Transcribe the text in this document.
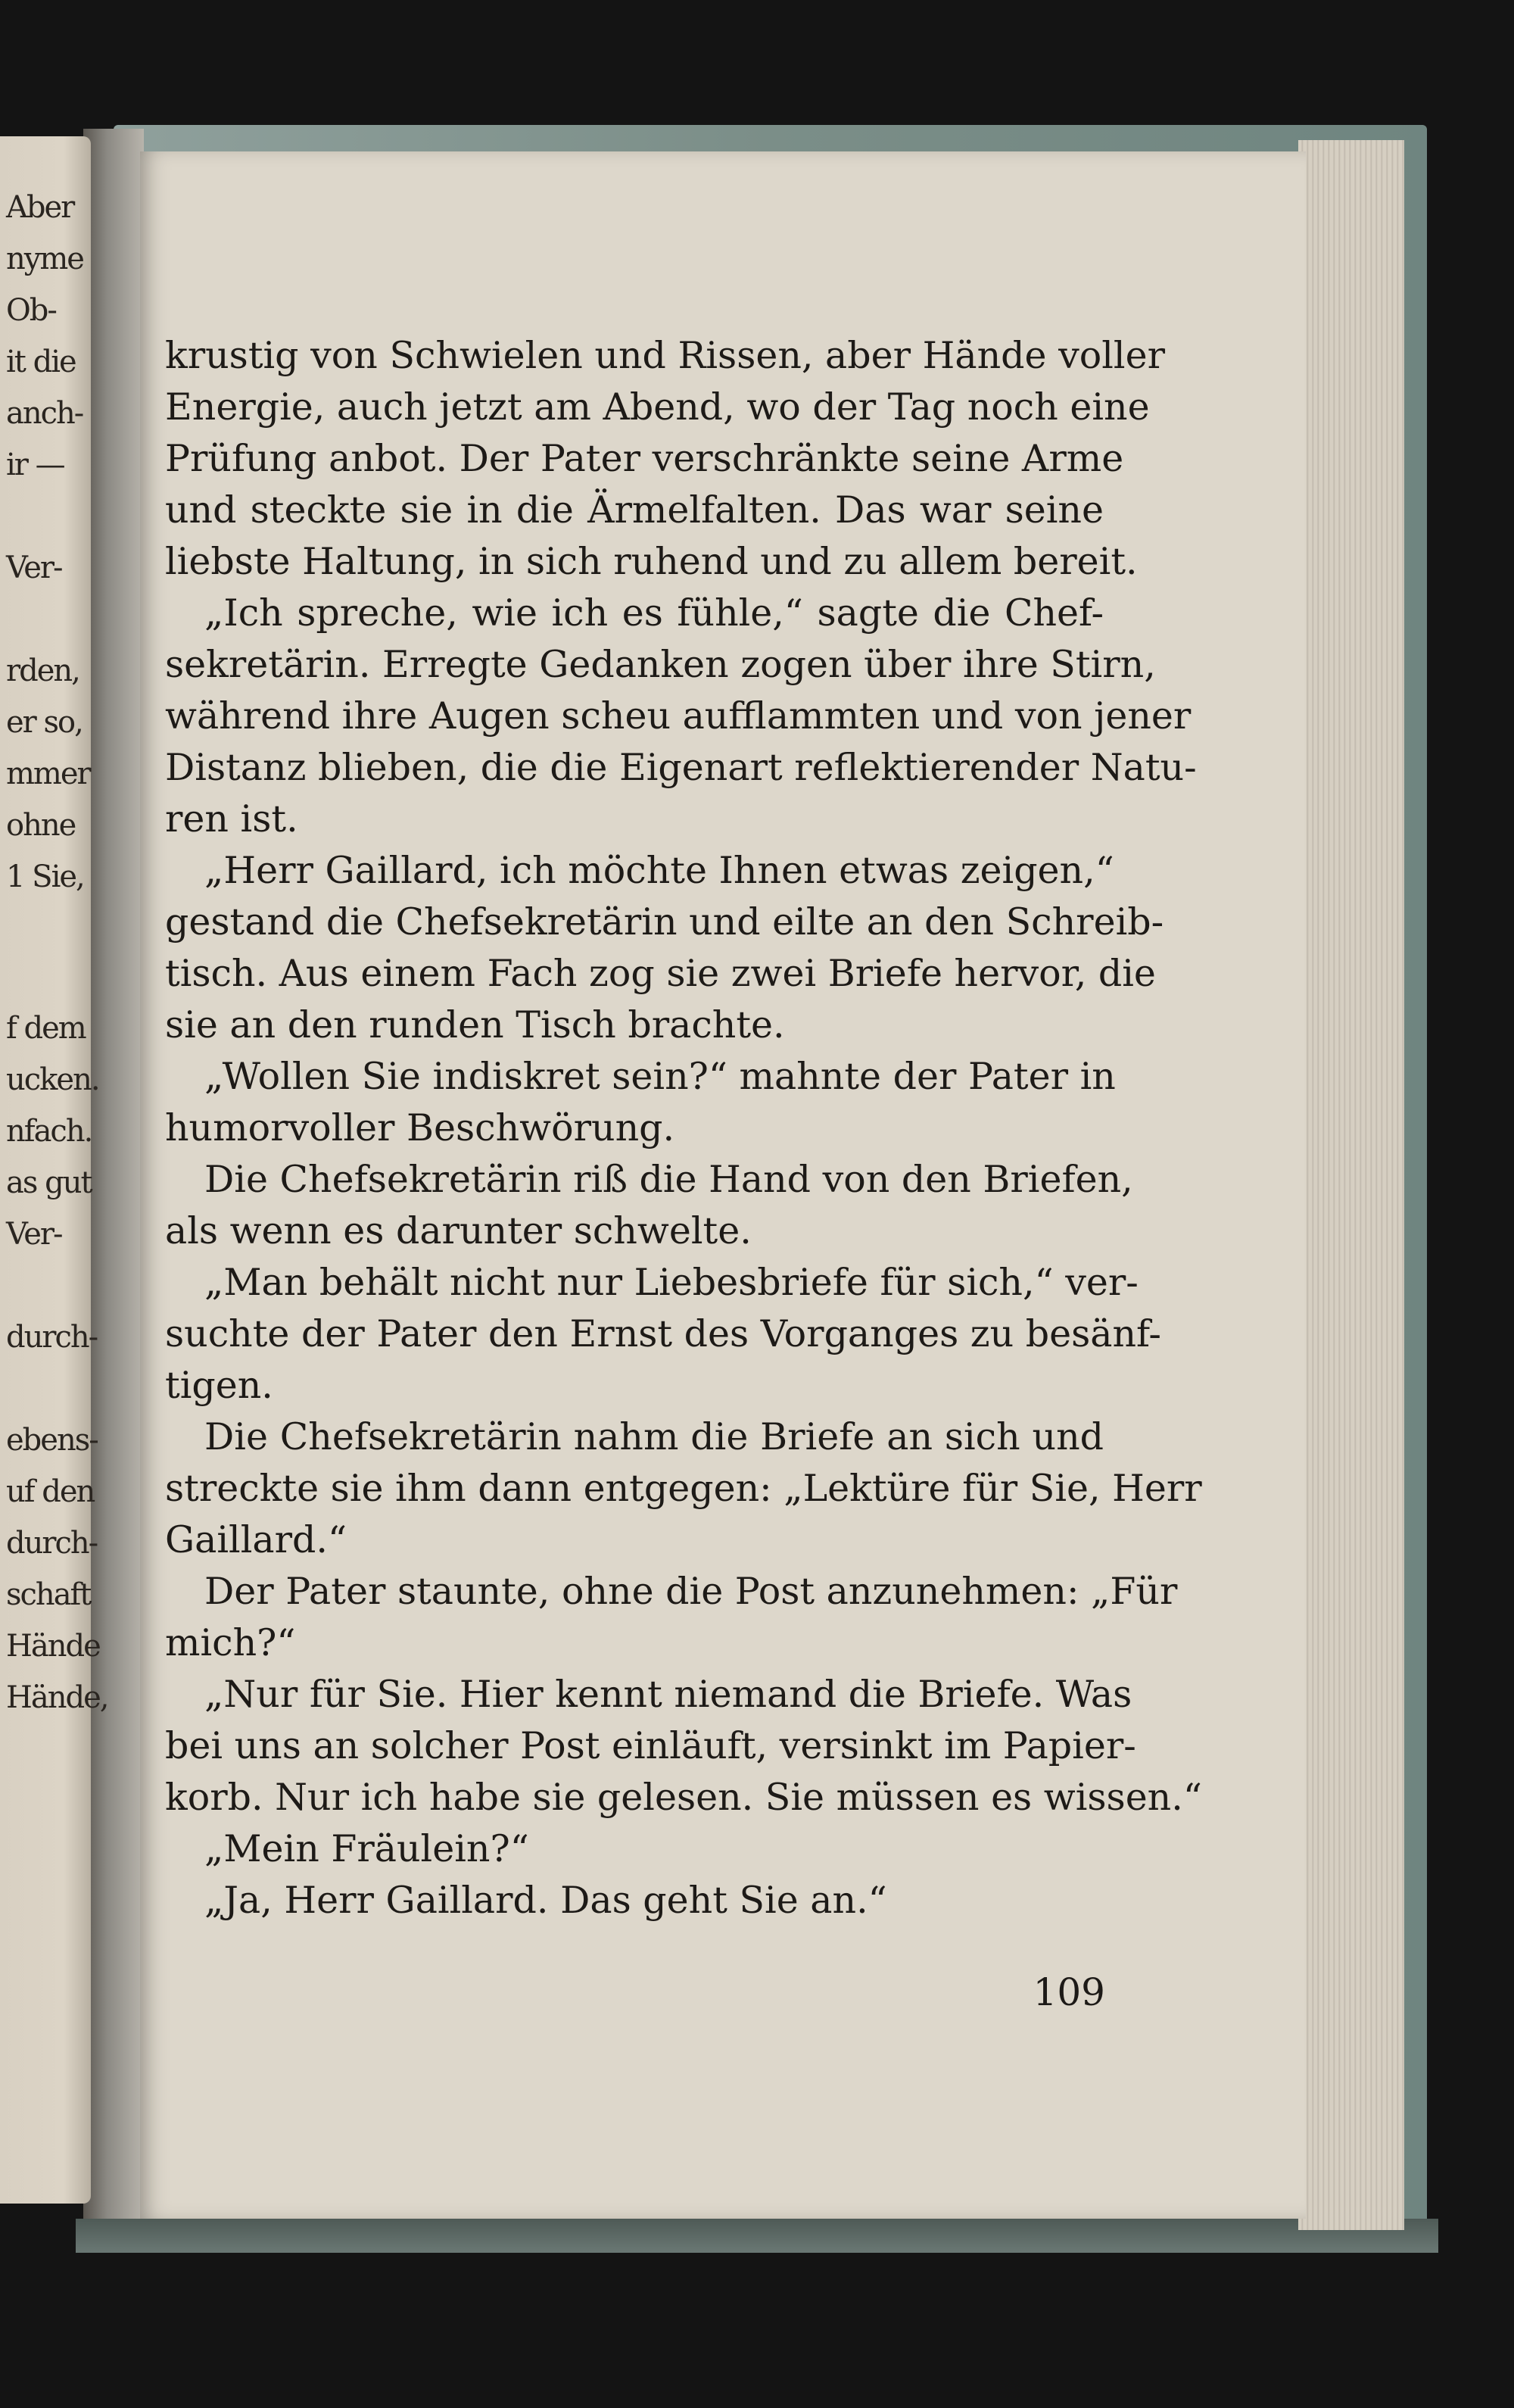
Aber
nyme
Ob-
it die
anch-
ir —
Ver-
rden,
er so,
mmer
ohne
1 Sie,
f dem
ucken.
nfach.
as gut
Ver-
durch-
ebens-
uf den
durch-
schaft
Hände
Hände,
krustig von Schwielen und Rissen, aber Hände voller
Energie, auch jetzt am Abend, wo der Tag noch eine
Prüfung anbot. Der Pater verschränkte seine Arme
und steckte sie in die Ärmelfalten. Das war seine
liebste Haltung, in sich ruhend und zu allem bereit.
„Ich spreche, wie ich es fühle,“ sagte die Chef-
sekretärin. Erregte Gedanken zogen über ihre Stirn,
während ihre Augen scheu aufflammten und von jener
Distanz blieben, die die Eigenart reflektierender Natu-
ren ist.
„Herr Gaillard, ich möchte Ihnen etwas zeigen,“
gestand die Chefsekretärin und eilte an den Schreib-
tisch. Aus einem Fach zog sie zwei Briefe hervor, die
sie an den runden Tisch brachte.
„Wollen Sie indiskret sein?“ mahnte der Pater in
humorvoller Beschwörung.
Die Chefsekretärin riß die Hand von den Briefen,
als wenn es darunter schwelte.
„Man behält nicht nur Liebesbriefe für sich,“ ver-
suchte der Pater den Ernst des Vorganges zu besänf-
tigen.
Die Chefsekretärin nahm die Briefe an sich und
streckte sie ihm dann entgegen: „Lektüre für Sie, Herr
Gaillard.“
Der Pater staunte, ohne die Post anzunehmen: „Für
mich?“
„Nur für Sie. Hier kennt niemand die Briefe. Was
bei uns an solcher Post einläuft, versinkt im Papier-
korb. Nur ich habe sie gelesen. Sie müssen es wissen.“
„Mein Fräulein?“
„Ja, Herr Gaillard. Das geht Sie an.“
109
